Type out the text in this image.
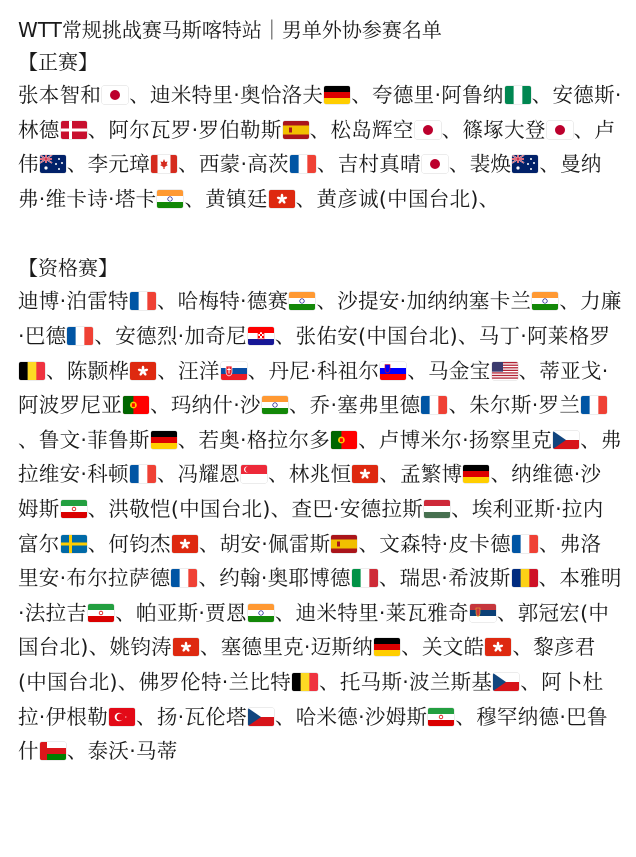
WTT常规挑战赛马斯喀特站｜男单外协参赛名单

【正赛】

张本智和 、迪米特里·奥恰洛夫 、夸德里·阿鲁纳 、安德斯·林德 、阿尔瓦罗·罗伯勒斯 、松岛辉空 、篠塚大登 、卢伟 、李元璋 、西蒙·高茨 、吉村真晴 、裴焕 、曼纳弗·维卡诗·塔卡 、黄镇廷 、黄彦诚(中国台北)、

【资格赛】

迪博·泊雷特 、哈梅特·德赛 、沙提安·加纳纳塞卡兰 、力廉·巴德 、安德烈·加奇尼 、张佑安(中国台北)、马丁·阿莱格罗
、陈颢桦 、汪洋 、丹尼·科祖尔 、马金宝 、蒂亚戈·阿波罗尼亚 、玛纳什·沙 、乔·塞弗里德 、朱尔斯·罗兰
、鲁文·菲鲁斯 、若奥·格拉尔多 、卢博米尔·扬察里克 、弗拉维安·科顿 、冯耀恩 、林兆恒 、孟繁博 、纳维德·沙姆斯 、洪敬恺(中国台北)、查巴·安德拉斯 、埃利亚斯·拉内富尔 、何钧杰 、胡安·佩雷斯 、文森特·皮卡德 、弗洛里安·布尔拉萨德 、约翰·奥耶博德 、瑞思·希波斯 、本雅明·法拉吉 、帕亚斯·贾恩 、迪米特里·莱瓦雅奇 、郭冠宏(中国台北)、姚钧涛 、塞德里克·迈斯纳 、关文皓 、黎彦君(中国台北)、佛罗伦特·兰比特 、托马斯·波兰斯基 、阿卜杜拉·伊根勒 、扬·瓦伦塔 、哈米德·沙姆斯 、穆罕纳德·巴鲁什 、泰沃·马蒂
